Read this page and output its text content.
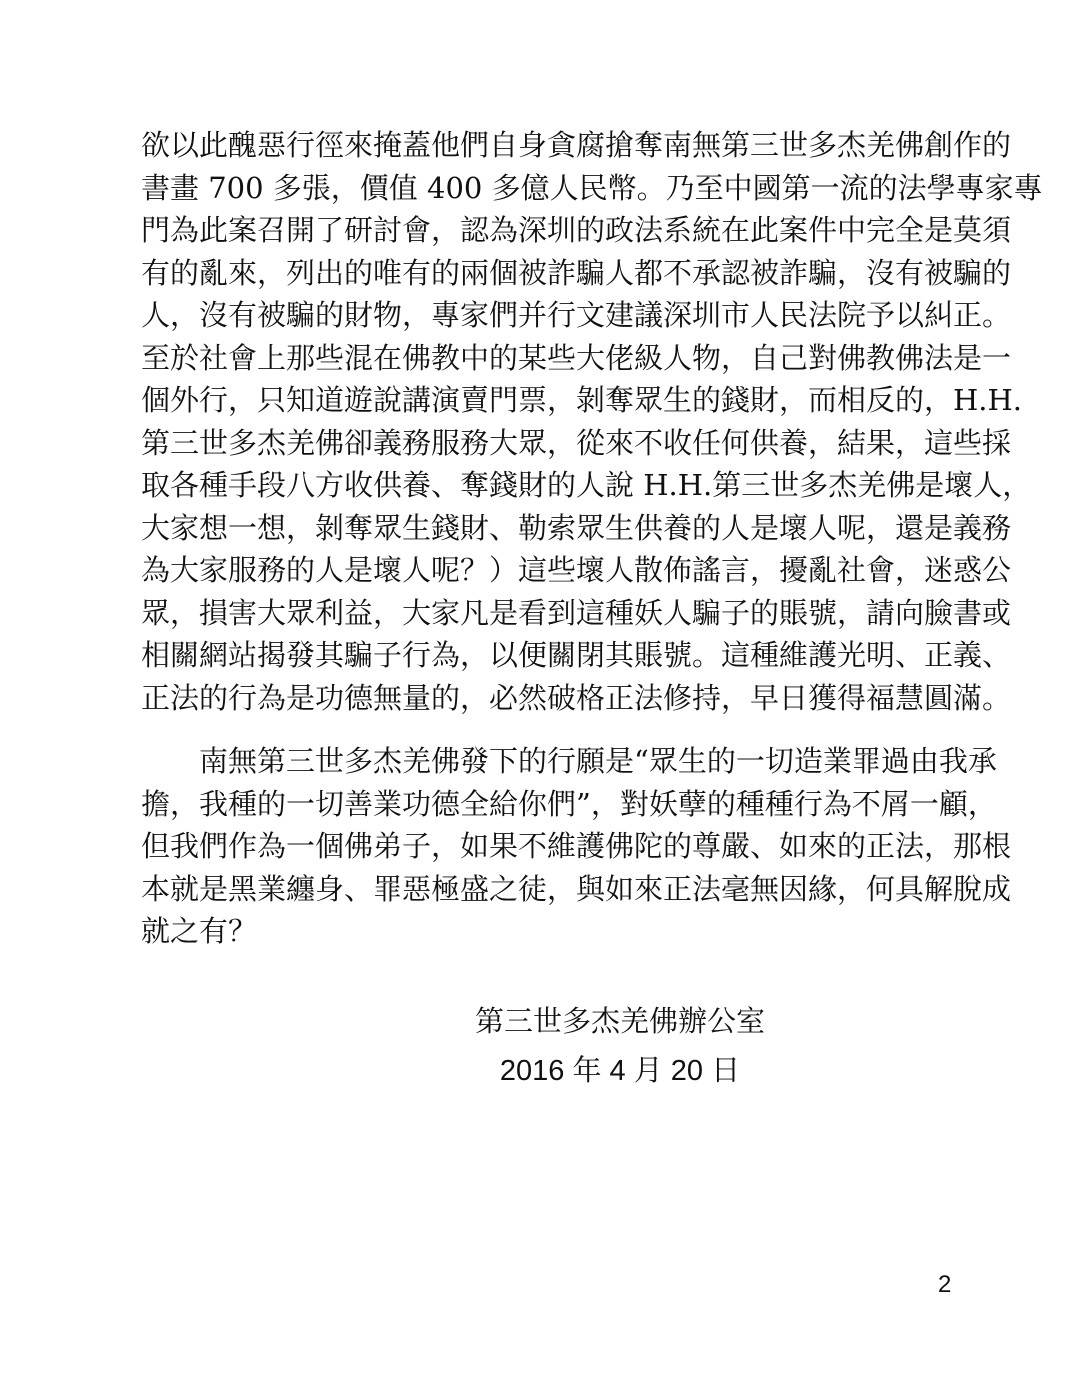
欲以此醜惡行徑來掩蓋他們自身貪腐搶奪南無第三世多杰羌佛創作的
書畫 700 多張，價值 400 多億人民幣。乃至中國第一流的法學專家專
門為此案召開了研討會，認為深圳的政法系統在此案件中完全是莫須
有的亂來，列出的唯有的兩個被詐騙人都不承認被詐騙，沒有被騙的
人，沒有被騙的財物，專家們并行文建議深圳市人民法院予以糾正。
至於社會上那些混在佛教中的某些大佬級人物，自己對佛教佛法是一
個外行，只知道遊說講演賣門票，剝奪眾生的錢財，而相反的，H.H.
第三世多杰羌佛卻義務服務大眾，從來不收任何供養，結果，這些採
取各種手段八方收供養、奪錢財的人說 H.H.第三世多杰羌佛是壞人，
大家想一想，剝奪眾生錢財、勒索眾生供養的人是壞人呢，還是義務
為大家服務的人是壞人呢？）這些壞人散佈謠言，擾亂社會，迷惑公
眾，損害大眾利益，大家凡是看到這種妖人騙子的賬號，請向臉書或
相關網站揭發其騙子行為，以便關閉其賬號。這種維護光明、正義、
正法的行為是功德無量的，必然破格正法修持，早日獲得福慧圓滿。
　　南無第三世多杰羌佛發下的行願是“眾生的一切造業罪過由我承
擔，我種的一切善業功德全給你們”，對妖孽的種種行為不屑一顧，
但我們作為一個佛弟子，如果不維護佛陀的尊嚴、如來的正法，那根
本就是黑業纏身、罪惡極盛之徒，與如來正法毫無因緣，何具解脫成
就之有？
第三世多杰羌佛辦公室
2016 年 4 月 20 日
2
